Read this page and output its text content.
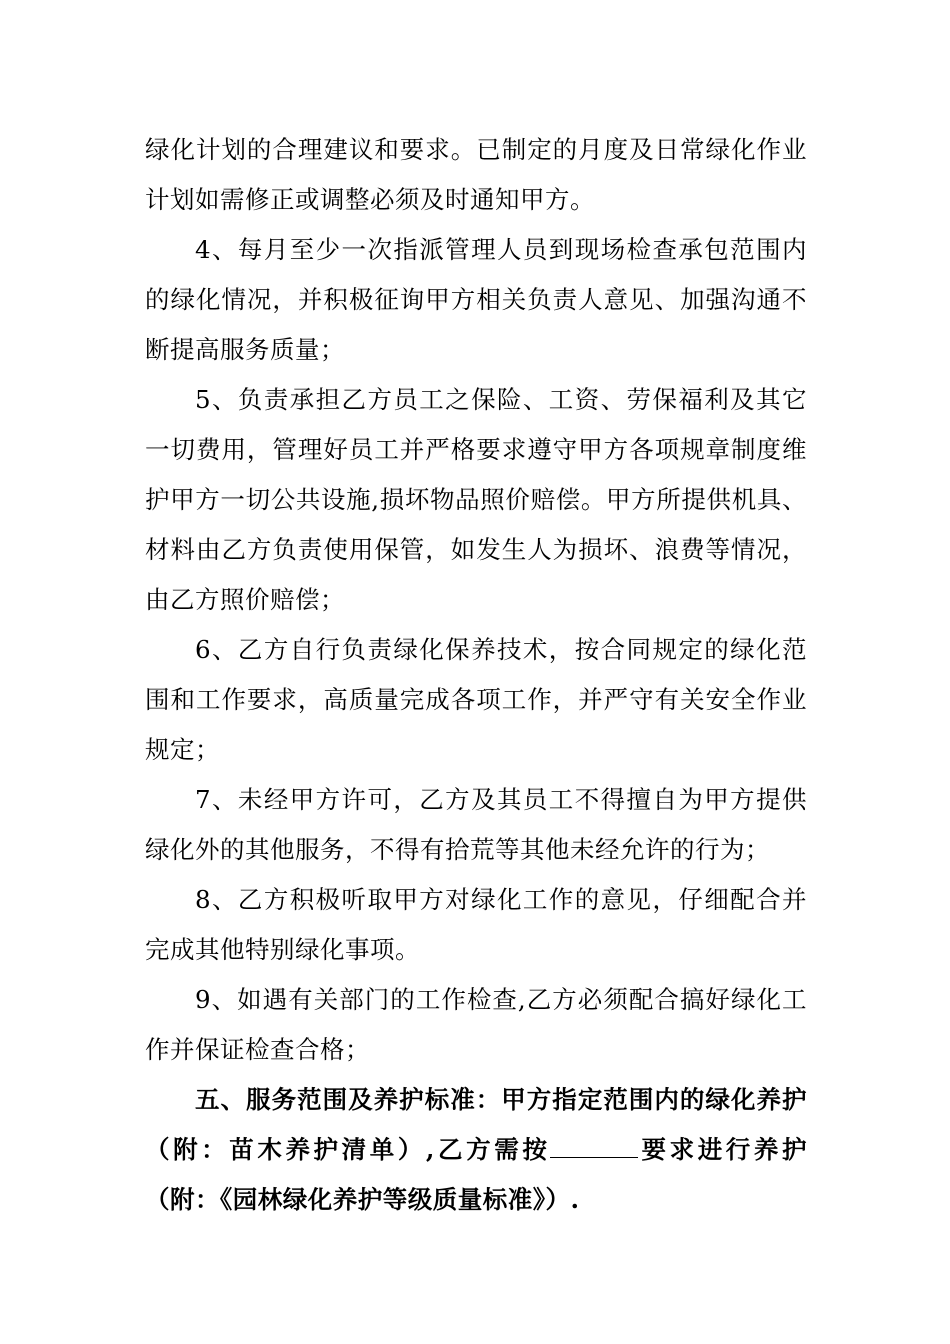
绿化计划的合理建议和要求。已制定的月度及日常绿化作业计划如需修正或调整必须及时通知甲方。

4、每月至少一次指派管理人员到现场检查承包范围内的绿化情况，并积极征询甲方相关负责人意见、加强沟通不断提高服务质量；

5、负责承担乙方员工之保险、工资、劳保福利及其它一切费用，管理好员工并严格要求遵守甲方各项规章制度维护甲方一切公共设施,损坏物品照价赔偿。甲方所提供机具、材料由乙方负责使用保管，如发生人为损坏、浪费等情况，由乙方照价赔偿；

6、乙方自行负责绿化保养技术，按合同规定的绿化范围和工作要求，高质量完成各项工作，并严守有关安全作业规定；

7、未经甲方许可，乙方及其员工不得擅自为甲方提供绿化外的其他服务，不得有拾荒等其他未经允许的行为；

8、乙方积极听取甲方对绿化工作的意见，仔细配合并完成其他特别绿化事项。

9、如遇有关部门的工作检查,乙方必须配合搞好绿化工作并保证检查合格；

五、服务范围及养护标准：甲方指定范围内的绿化养护（附：苗木养护清单）,乙方需按	要求进行养护（附：《园林绿化养护等级质量标准》）.
